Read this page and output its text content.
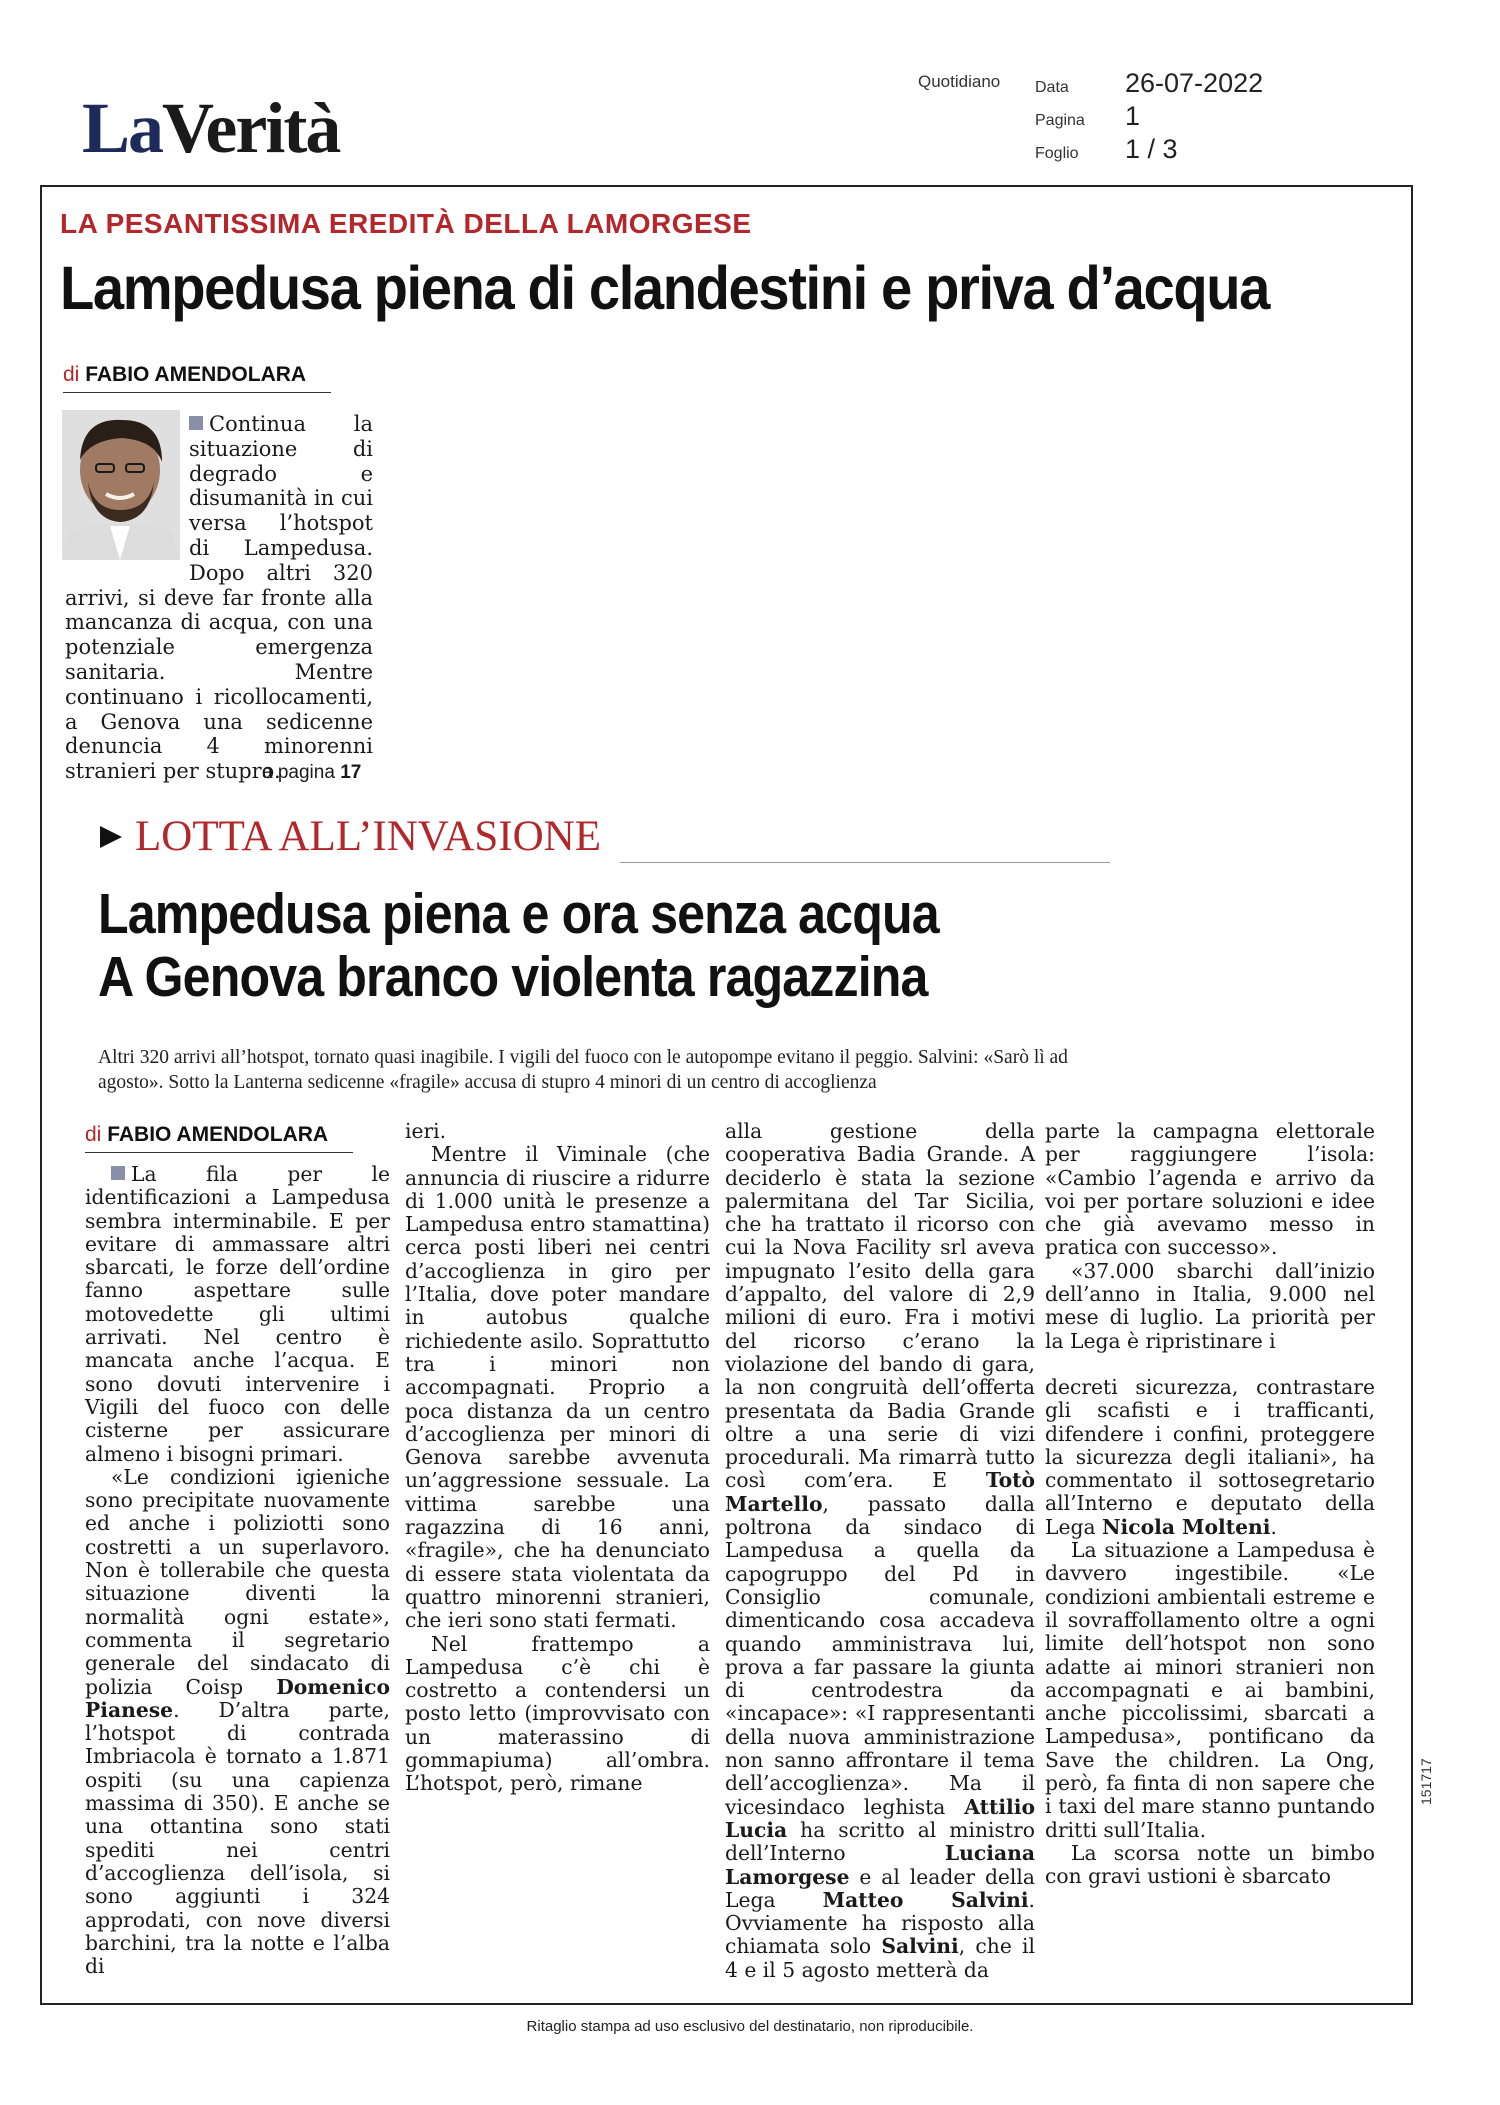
LaVerità
Quotidiano Data	26-07-2022
Pagina	1
Foglio	1 / 3
LA PESANTISSIMA EREDITÀ DELLA LAMORGESE
Lampedusa piena di clandestini e priva d’acqua
di FABIO AMENDOLARA
Continua la situazione di degrado e disumanità in cui versa l’hotspot di Lampedusa. Dopo altri 320 arrivi, si deve far fronte alla mancanza di acqua, con una potenziale emergenza sanitaria. Mentre continuano i ricollocamenti, a Genova una sedicenne denuncia 4 minorenni stranieri per stupro.
a pagina 17
LOTTA ALL’INVASIONE
Lampedusa piena e ora senza acqua
A Genova branco violenta ragazzina
Altri 320 arrivi all’hotspot, tornato quasi inagibile. I vigili del fuoco con le autopompe evitano il peggio. Salvini: «Sarò lì ad agosto». Sotto la Lanterna sedicenne «fragile» accusa di stupro 4 minori di un centro di accoglienza
di FABIO AMENDOLARA

La fila per le identificazioni a Lampedusa sembra interminabile. E per evitare di ammassare altri sbarcati, le forze dell’ordine fanno aspettare sulle motovedette gli ultimi arrivati. Nel centro è mancata anche l’acqua. E sono dovuti intervenire i Vigili del fuoco con delle cisterne per assicurare almeno i bisogni primari.

«Le condizioni igieniche sono precipitate nuovamente ed anche i poliziotti sono costretti a un superlavoro. Non è tollerabile che questa situazione diventi la normalità ogni estate», commenta il segretario generale del sindacato di polizia Coisp Domenico Pianese. D’altra parte, l’hotspot di contrada Imbriacola è tornato a 1.871 ospiti (su una capienza massima di 350). E anche se una ottantina sono stati spediti nei centri d’accoglienza dell’isola, si sono aggiunti i 324 approdati, con nove diversi barchini, tra la notte e l’alba di

ieri.

Mentre il Viminale (che annuncia di riuscire a ridurre di 1.000 unità le presenze a Lampedusa entro stamattina) cerca posti liberi nei centri d’accoglienza in giro per l’Italia, dove poter mandare in autobus qualche richiedente asilo. Soprattutto tra i minori non accompagnati. Proprio a poca distanza da un centro d’accoglienza per minori di Genova sarebbe avvenuta un’aggressione sessuale. La vittima sarebbe una ragazzina di 16 anni, «fragile», che ha denunciato di essere stata violentata da quattro minorenni stranieri, che ieri sono stati fermati.

Nel frattempo a Lampedusa c’è chi è costretto a contendersi un posto letto (improvvisato con un materassino di gommapiuma) all’ombra. L’hotspot, però, rimane

alla gestione della cooperativa Badia Grande. A deciderlo è stata la sezione palermitana del Tar Sicilia, che ha trattato il ricorso con cui la Nova Facility srl aveva impugnato l’esito della gara d’appalto, del valore di 2,9 milioni di euro. Fra i motivi del ricorso c’erano la violazione del bando di gara, la non congruità dell’offerta presentata da Badia Grande oltre a una serie di vizi procedurali. Ma rimarrà tutto così com’era. E Totò Martello, passato dalla poltrona da sindaco di Lampedusa a quella da capogruppo del Pd in Consiglio comunale, dimenticando cosa accadeva quando amministrava lui, prova a far passare la giunta di centrodestra da «incapace»: «I rappresentanti della nuova amministrazione non sanno affrontare il tema dell’accoglienza». Ma il vicesindaco leghista Attilio Lucia ha scritto al ministro dell’Interno	Luciana Lamorgese e al leader della Lega Matteo Salvini. Ovviamente ha risposto alla chiamata solo Salvini, che il 4 e il 5 agosto metterà da

parte la campagna elettorale per raggiungere l’isola: «Cambio l’agenda e arrivo da voi per portare soluzioni e idee che già avevamo messo in pratica con successo».

«37.000 sbarchi dall’inizio dell’anno in Italia, 9.000 nel mese di luglio. La priorità per la Lega è ripristinare i

decreti sicurezza, contrastare gli scafisti e i trafficanti, difendere i confini, proteggere la sicurezza degli italiani», ha commentato il sottosegretario all’Interno e deputato della Lega Nicola Molteni.

La situazione a Lampedusa è davvero ingestibile. «Le condizioni ambientali estreme e il sovraffollamento oltre a ogni limite dell’hotspot non sono adatte ai minori stranieri non accompagnati e ai bambini, anche piccolissimi, sbarcati a Lampedusa», pontificano da Save the children. La Ong, però, fa finta di non sapere che i taxi del mare stanno puntando dritti sull’Italia.

La scorsa notte un bimbo con gravi ustioni è sbarcato

151717
Ritaglio stampa ad uso esclusivo del destinatario, non riproducibile.
